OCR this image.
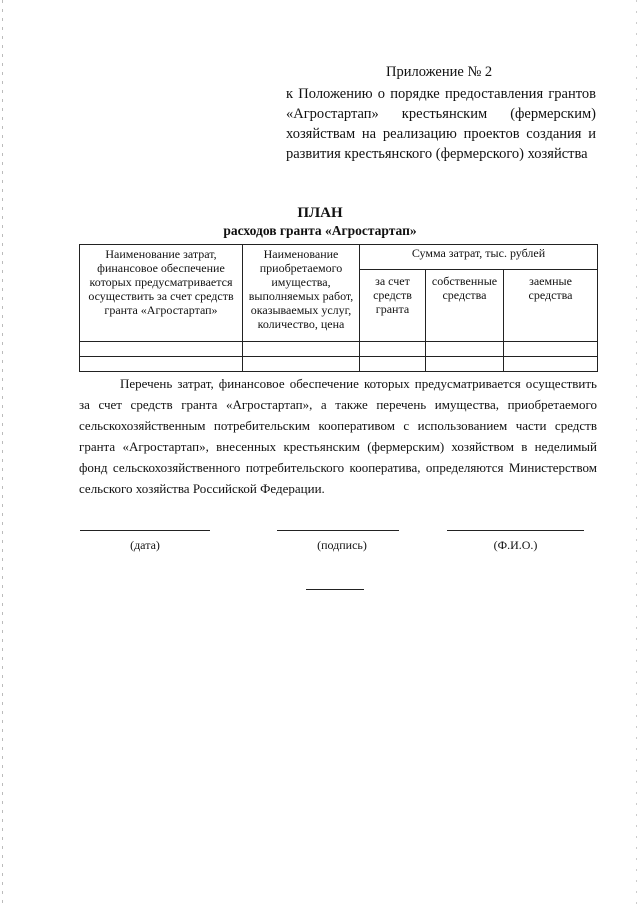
Приложение № 2
к Положению о порядке предоставления грантов «Агростартап» крестьянским (фермерским) хозяйствам на реализацию проектов создания и развития крестьянского (фермерского) хозяйства
ПЛАН
расходов гранта «Агростартап»
Наименование затрат, финансовое обеспечение которых предусматривается осуществить за счет средств гранта «Агростартап»	Наименование приобретаемого имущества, выполняемых работ, оказываемых услуг, количество, цена	Сумма затрат, тыс. рублей		
		за счет средств гранта	собственные средства	заемные средства

Перечень затрат, финансовое обеспечение которых предусматривается осуществить за счет средств гранта «Агростартап», а также перечень имущества, приобретаемого сельскохозяйственным потребительским кооперативом с использованием части средств гранта «Агростартап», внесенных крестьянским (фермерским) хозяйством в неделимый фонд сельскохозяйственного потребительского кооператива, определяются Министерством сельского хозяйства Российской Федерации.
(дата)	(подпись)	(Ф.И.О.)
